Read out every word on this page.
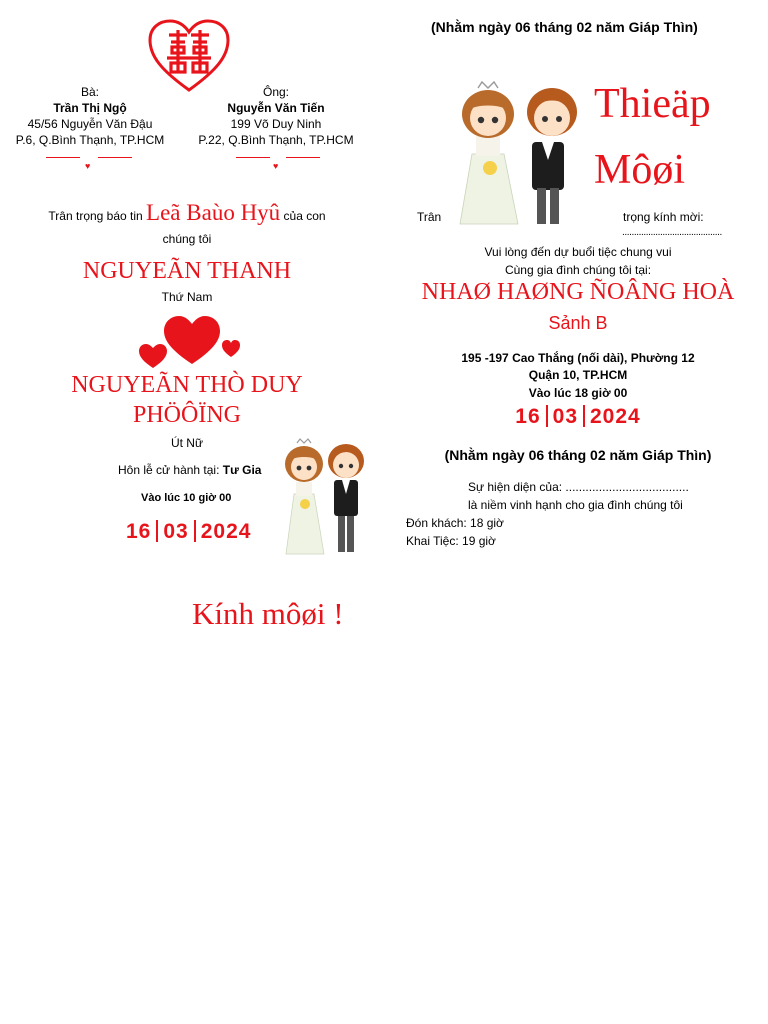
Bà:
Trần Thị Ngộ
45/56 Nguyễn Văn Đậu
P.6, Q.Bình Thạnh, TP.HCM
♥
Ông:
Nguyễn Văn Tiến
199 Võ Duy Ninh
P.22, Q.Bình Thạnh, TP.HCM
♥
Trân trọng báo tin Leã Baùo Hyû của con
chúng tôi
NGUYEÃN THANH
Thứ Nam
NGUYEÃN THÒ DUY
PHÖÔÏNG
Út Nữ
Hôn lễ cử hành tại: Tư Gia
Vào lúc 10 giờ 00
16 03 2024
(Nhằm ngày 06 tháng 02 năm Giáp Thìn)
Thieäp
Môøi
Trân	trọng kính mời:
..........................................
Vui lòng đến dự buổi tiệc chung vui
Cùng gia đình chúng tôi tại:
NHAØ HAØNG ÑOÂNG HOÀ
Sảnh B
195 -197 Cao Thắng (nối dài), Phường 12
Quận 10, TP.HCM
Vào lúc 18 giờ 00
16 03 2024
(Nhằm ngày 06 tháng 02 năm Giáp Thìn)
Sự hiện diện của: .....................................
là niềm vinh hạnh cho gia đình chúng tôi
Đón khách: 18 giờ
Khai Tiệc: 19 giờ
Kính môøi !
